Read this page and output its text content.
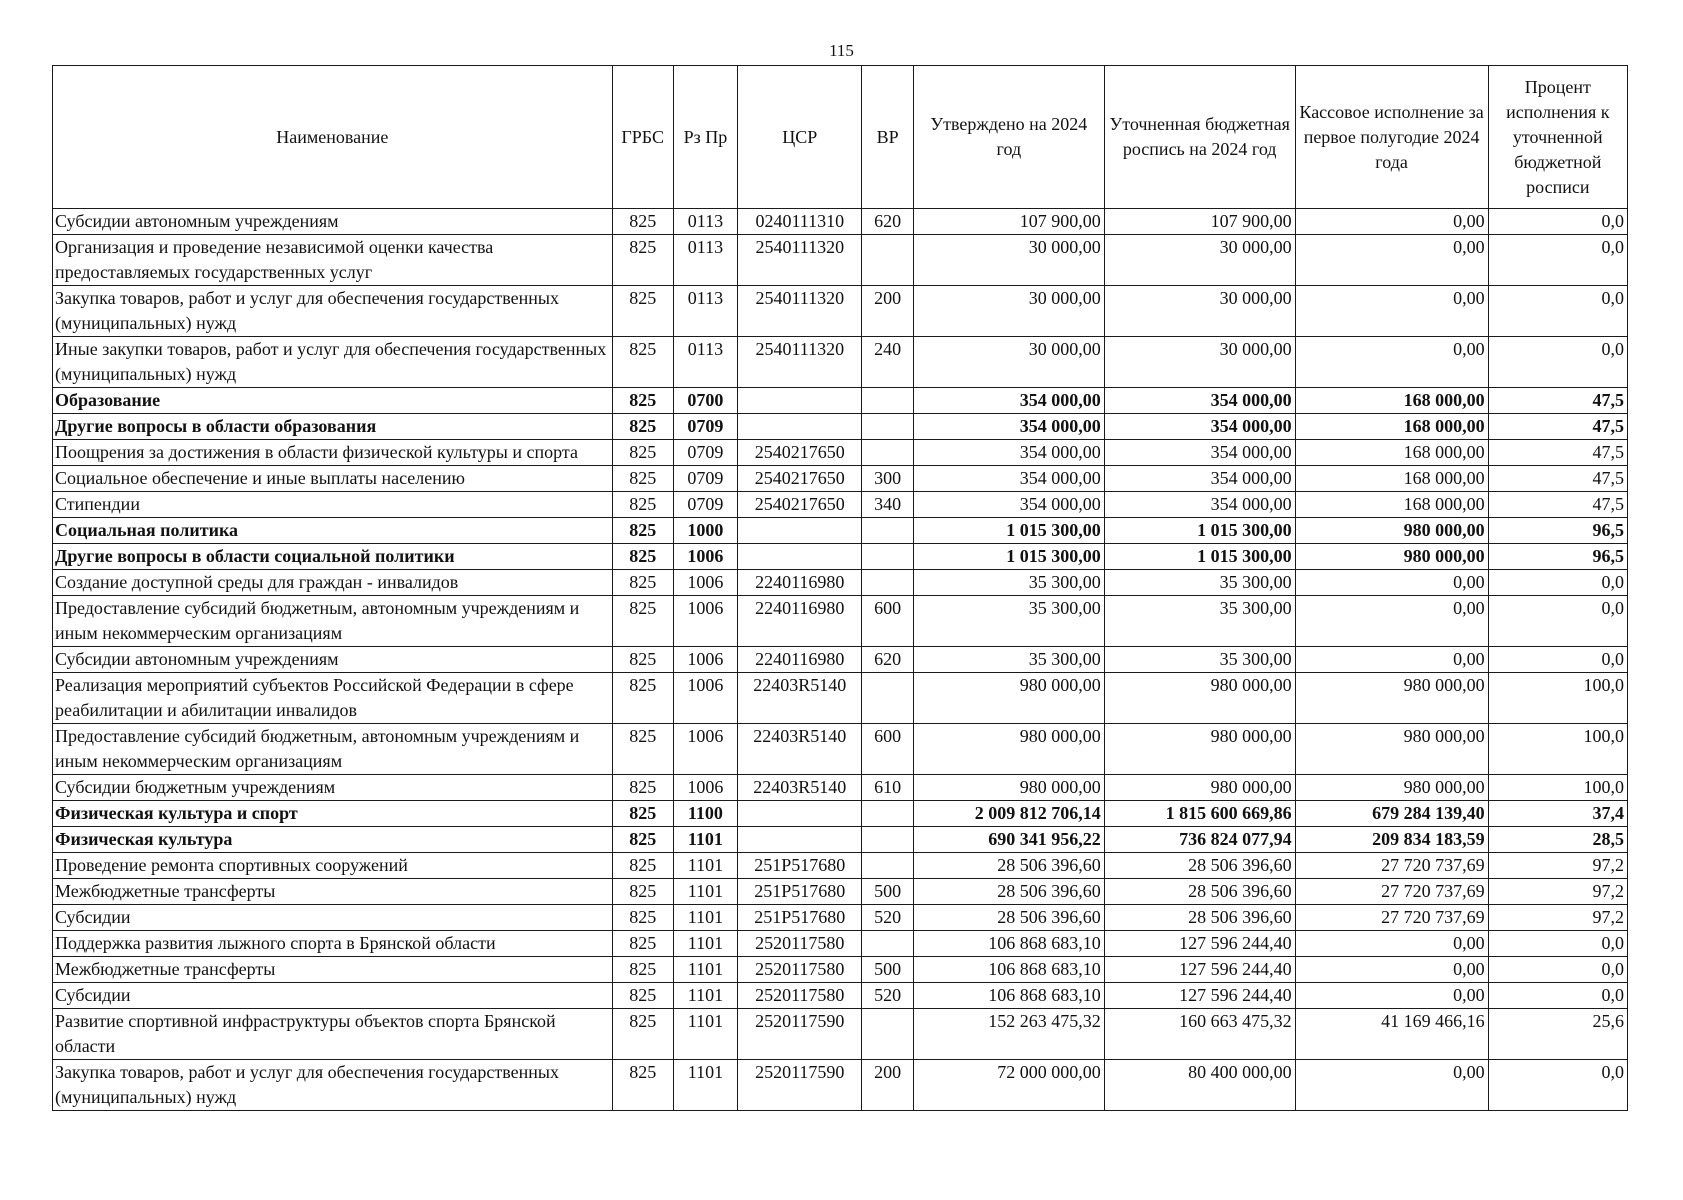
115
Наименование	ГРБС	Рз Пр	ЦСР	ВР	Утверждено на 2024 год	Уточненная бюджетная роспись на 2024 год	Кассовое исполнение за первое полугодие 2024 года	Процент исполнения к уточненной бюджетной росписи
Субсидии автономным учреждениям	825	0113	0240111310	620	107 900,00	107 900,00	0,00	0,0
Организация и проведение независимой оценки качества предоставляемых государственных услуг	825	0113	2540111320		30 000,00	30 000,00	0,00	0,0
Закупка товаров, работ и услуг для обеспечения государственных (муниципальных) нужд	825	0113	2540111320	200	30 000,00	30 000,00	0,00	0,0
Иные закупки товаров, работ и услуг для обеспечения государственных (муниципальных) нужд	825	0113	2540111320	240	30 000,00	30 000,00	0,00	0,0
Образование	825	0700			354 000,00	354 000,00	168 000,00	47,5
Другие вопросы в области образования	825	0709			354 000,00	354 000,00	168 000,00	47,5
Поощрения за достижения в области физической культуры и спорта	825	0709	2540217650		354 000,00	354 000,00	168 000,00	47,5
Социальное обеспечение и иные выплаты населению	825	0709	2540217650	300	354 000,00	354 000,00	168 000,00	47,5
Стипендии	825	0709	2540217650	340	354 000,00	354 000,00	168 000,00	47,5
Социальная политика	825	1000			1 015 300,00	1 015 300,00	980 000,00	96,5
Другие вопросы в области социальной политики	825	1006			1 015 300,00	1 015 300,00	980 000,00	96,5
Создание доступной среды для граждан - инвалидов	825	1006	2240116980		35 300,00	35 300,00	0,00	0,0
Предоставление субсидий бюджетным, автономным учреждениям и иным некоммерческим организациям	825	1006	2240116980	600	35 300,00	35 300,00	0,00	0,0
Субсидии автономным учреждениям	825	1006	2240116980	620	35 300,00	35 300,00	0,00	0,0
Реализация мероприятий субъектов Российской Федерации в сфере реабилитации и абилитации инвалидов	825	1006	22403R5140		980 000,00	980 000,00	980 000,00	100,0
Предоставление субсидий бюджетным, автономным учреждениям и иным некоммерческим организациям	825	1006	22403R5140	600	980 000,00	980 000,00	980 000,00	100,0
Субсидии бюджетным учреждениям	825	1006	22403R5140	610	980 000,00	980 000,00	980 000,00	100,0
Физическая культура и спорт	825	1100			2 009 812 706,14	1 815 600 669,86	679 284 139,40	37,4
Физическая культура	825	1101			690 341 956,22	736 824 077,94	209 834 183,59	28,5
Проведение ремонта спортивных сооружений	825	1101	251P517680		28 506 396,60	28 506 396,60	27 720 737,69	97,2
Межбюджетные трансферты	825	1101	251P517680	500	28 506 396,60	28 506 396,60	27 720 737,69	97,2
Субсидии	825	1101	251P517680	520	28 506 396,60	28 506 396,60	27 720 737,69	97,2
Поддержка развития лыжного спорта в Брянской области	825	1101	2520117580		106 868 683,10	127 596 244,40	0,00	0,0
Межбюджетные трансферты	825	1101	2520117580	500	106 868 683,10	127 596 244,40	0,00	0,0
Субсидии	825	1101	2520117580	520	106 868 683,10	127 596 244,40	0,00	0,0
Развитие спортивной инфраструктуры объектов спорта Брянской области	825	1101	2520117590		152 263 475,32	160 663 475,32	41 169 466,16	25,6
Закупка товаров, работ и услуг для обеспечения государственных (муниципальных) нужд	825	1101	2520117590	200	72 000 000,00	80 400 000,00	0,00	0,0
